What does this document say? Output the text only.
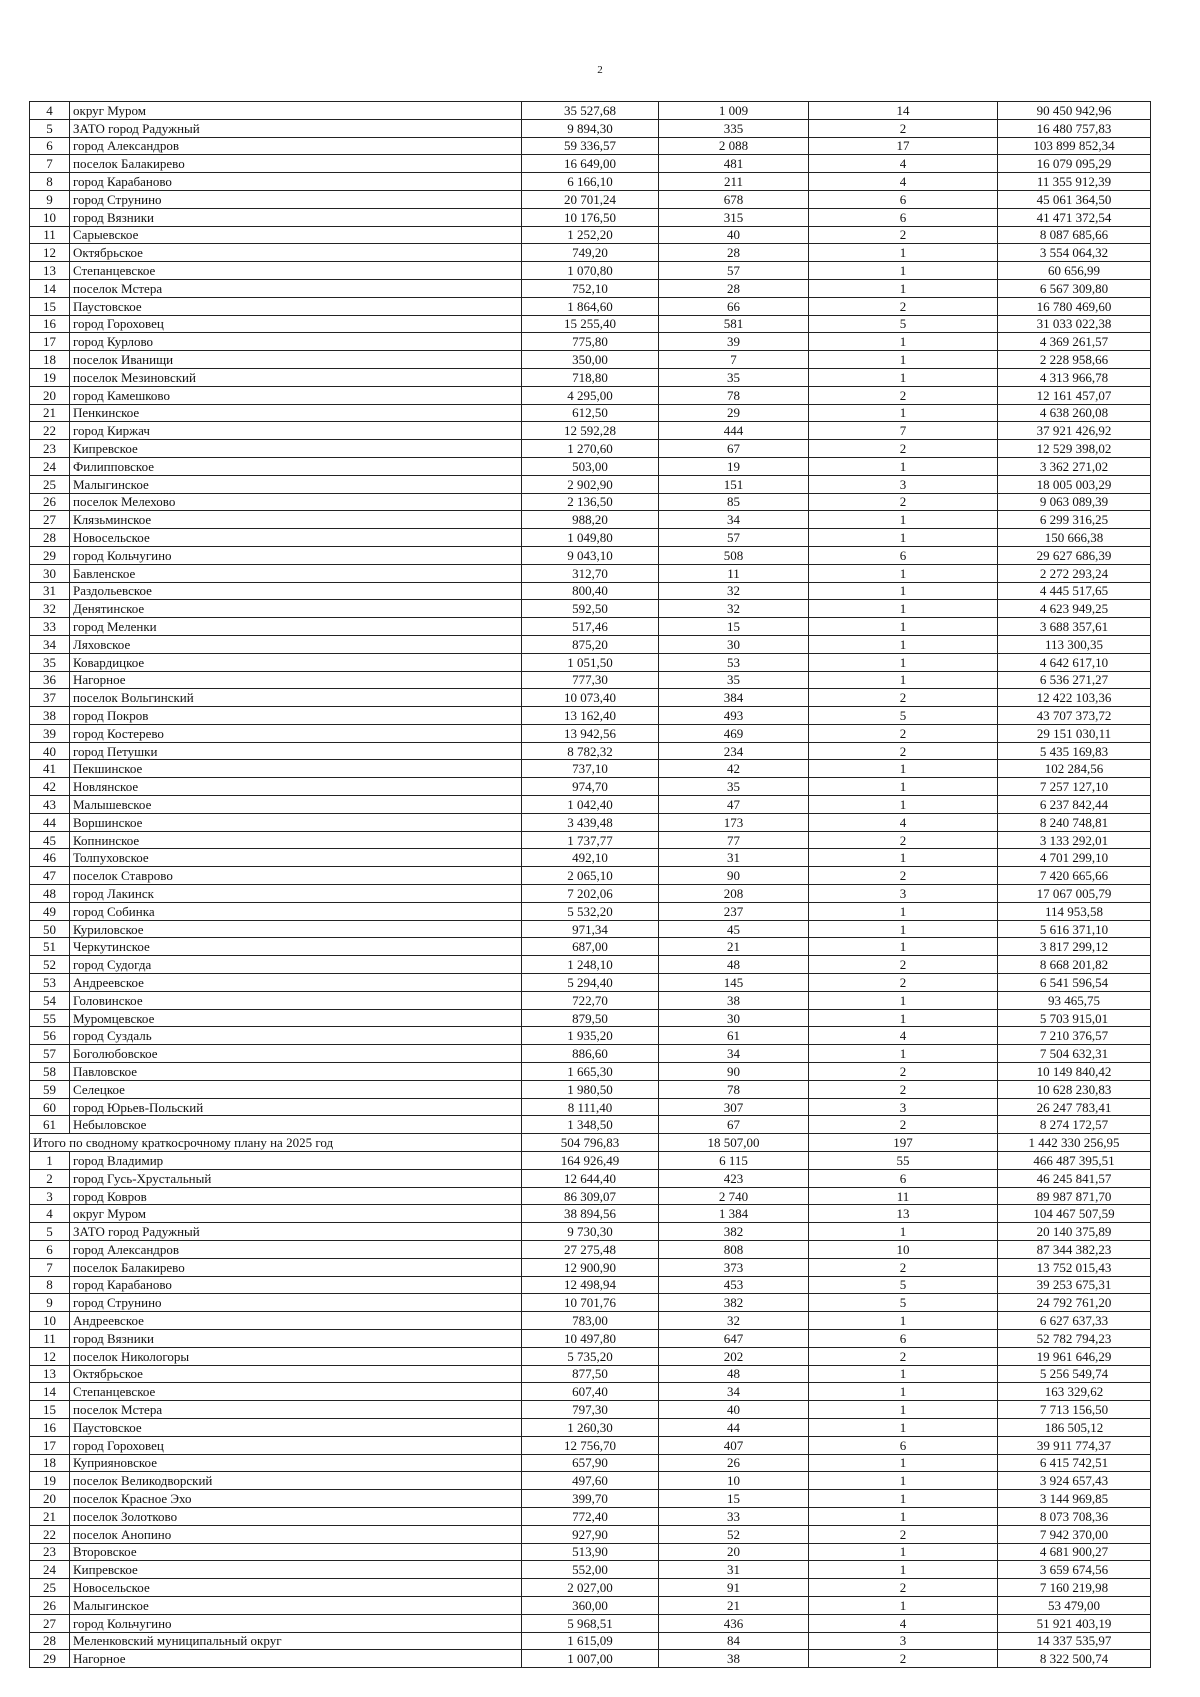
2
4	округ Муром	35 527,68	1 009	14	90 450 942,96
5	ЗАТО город Радужный	9 894,30	335	2	16 480 757,83
6	город Александров	59 336,57	2 088	17	103 899 852,34
7	поселок Балакирево	16 649,00	481	4	16 079 095,29
8	город Карабаново	6 166,10	211	4	11 355 912,39
9	город Струнино	20 701,24	678	6	45 061 364,50
10	город Вязники	10 176,50	315	6	41 471 372,54
11	Сарыевское	1 252,20	40	2	8 087 685,66
12	Октябрьское	749,20	28	1	3 554 064,32
13	Степанцевское	1 070,80	57	1	60 656,99
14	поселок Мстера	752,10	28	1	6 567 309,80
15	Паустовское	1 864,60	66	2	16 780 469,60
16	город Гороховец	15 255,40	581	5	31 033 022,38
17	город Курлово	775,80	39	1	4 369 261,57
18	поселок Иванищи	350,00	7	1	2 228 958,66
19	поселок Мезиновский	718,80	35	1	4 313 966,78
20	город Камешково	4 295,00	78	2	12 161 457,07
21	Пенкинское	612,50	29	1	4 638 260,08
22	город Киржач	12 592,28	444	7	37 921 426,92
23	Кипревское	1 270,60	67	2	12 529 398,02
24	Филипповское	503,00	19	1	3 362 271,02
25	Малыгинское	2 902,90	151	3	18 005 003,29
26	поселок Мелехово	2 136,50	85	2	9 063 089,39
27	Клязьминское	988,20	34	1	6 299 316,25
28	Новосельское	1 049,80	57	1	150 666,38
29	город Кольчугино	9 043,10	508	6	29 627 686,39
30	Бавленское	312,70	11	1	2 272 293,24
31	Раздольевское	800,40	32	1	4 445 517,65
32	Денятинское	592,50	32	1	4 623 949,25
33	город Меленки	517,46	15	1	3 688 357,61
34	Ляховское	875,20	30	1	113 300,35
35	Ковардицкое	1 051,50	53	1	4 642 617,10
36	Нагорное	777,30	35	1	6 536 271,27
37	поселок Вольгинский	10 073,40	384	2	12 422 103,36
38	город Покров	13 162,40	493	5	43 707 373,72
39	город Костерево	13 942,56	469	2	29 151 030,11
40	город Петушки	8 782,32	234	2	5 435 169,83
41	Пекшинское	737,10	42	1	102 284,56
42	Новлянское	974,70	35	1	7 257 127,10
43	Малышевское	1 042,40	47	1	6 237 842,44
44	Воршинское	3 439,48	173	4	8 240 748,81
45	Копнинское	1 737,77	77	2	3 133 292,01
46	Толпуховское	492,10	31	1	4 701 299,10
47	поселок Ставрово	2 065,10	90	2	7 420 665,66
48	город Лакинск	7 202,06	208	3	17 067 005,79
49	город Собинка	5 532,20	237	1	114 953,58
50	Куриловское	971,34	45	1	5 616 371,10
51	Черкутинское	687,00	21	1	3 817 299,12
52	город Судогда	1 248,10	48	2	8 668 201,82
53	Андреевское	5 294,40	145	2	6 541 596,54
54	Головинское	722,70	38	1	93 465,75
55	Муромцевское	879,50	30	1	5 703 915,01
56	город Суздаль	1 935,20	61	4	7 210 376,57
57	Боголюбовское	886,60	34	1	7 504 632,31
58	Павловское	1 665,30	90	2	10 149 840,42
59	Селецкое	1 980,50	78	2	10 628 230,83
60	город Юрьев-Польский	8 111,40	307	3	26 247 783,41
61	Небыловское	1 348,50	67	2	8 274 172,57
Итого по сводному краткосрочному плану на 2025 год		504 796,83	18 507,00	197	1 442 330 256,95
1	город Владимир	164 926,49	6 115	55	466 487 395,51
2	город Гусь-Хрустальный	12 644,40	423	6	46 245 841,57
3	город Ковров	86 309,07	2 740	11	89 987 871,70
4	округ Муром	38 894,56	1 384	13	104 467 507,59
5	ЗАТО город Радужный	9 730,30	382	1	20 140 375,89
6	город Александров	27 275,48	808	10	87 344 382,23
7	поселок Балакирево	12 900,90	373	2	13 752 015,43
8	город Карабаново	12 498,94	453	5	39 253 675,31
9	город Струнино	10 701,76	382	5	24 792 761,20
10	Андреевское	783,00	32	1	6 627 637,33
11	город Вязники	10 497,80	647	6	52 782 794,23
12	поселок Никологоры	5 735,20	202	2	19 961 646,29
13	Октябрьское	877,50	48	1	5 256 549,74
14	Степанцевское	607,40	34	1	163 329,62
15	поселок Мстера	797,30	40	1	7 713 156,50
16	Паустовское	1 260,30	44	1	186 505,12
17	город Гороховец	12 756,70	407	6	39 911 774,37
18	Куприяновское	657,90	26	1	6 415 742,51
19	поселок Великодворский	497,60	10	1	3 924 657,43
20	поселок Красное Эхо	399,70	15	1	3 144 969,85
21	поселок Золотково	772,40	33	1	8 073 708,36
22	поселок Анопино	927,90	52	2	7 942 370,00
23	Второвское	513,90	20	1	4 681 900,27
24	Кипревское	552,00	31	1	3 659 674,56
25	Новосельское	2 027,00	91	2	7 160 219,98
26	Малыгинское	360,00	21	1	53 479,00
27	город Кольчугино	5 968,51	436	4	51 921 403,19
28	Меленковский муниципальный округ	1 615,09	84	3	14 337 535,97
29	Нагорное	1 007,00	38	2	8 322 500,74
